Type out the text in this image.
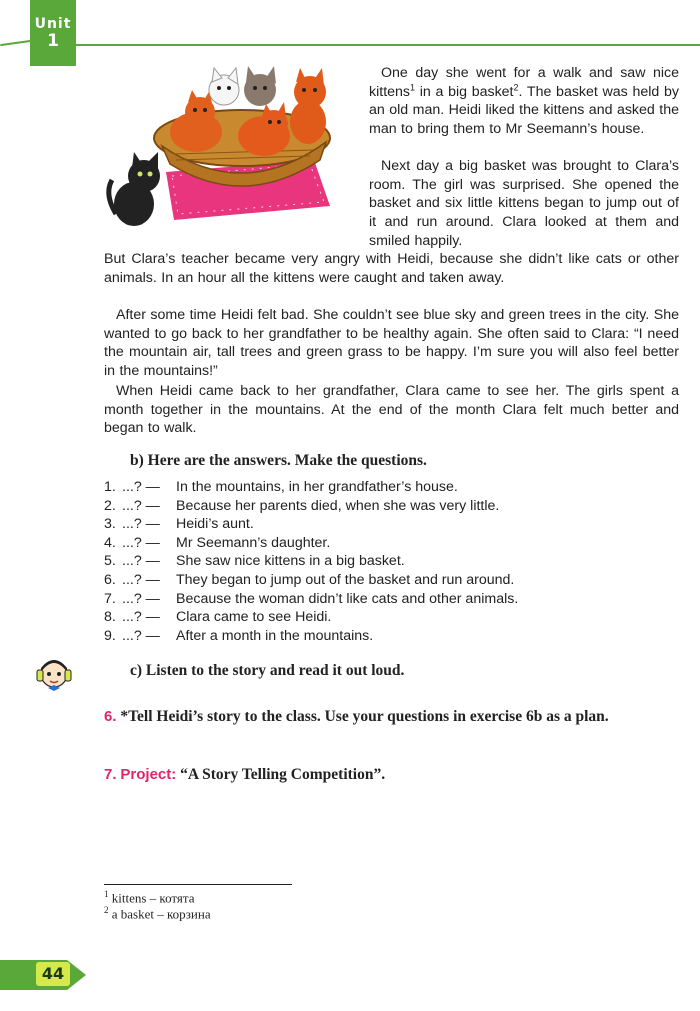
Unit
1

One day she went for a walk and saw nice kittens$^1$ in a big basket$^2$. The basket was held by an old man. Heidi liked the kittens and asked the man to bring them to Mr Seemann’s house.

Next day a big basket was brought to Clara’s room. The girl was surprised. She opened the basket and six little kittens began to jump out of it and run around. Clara looked at them and smiled happily.

But Clara’s teacher became very angry with Heidi, because she didn’t like cats or other animals. In an hour all the kittens were caught and taken away.

After some time Heidi felt bad. She couldn’t see blue sky and green trees in the city. She wanted to go back to her grandfather to be healthy again. She often said to Clara: “I need the mountain air, tall trees and green grass to be happy. I’m sure you will also feel better in the mountains!”

When Heidi came back to her grandfather, Clara came to see her. The girls spent a month together in the mountains. At the end of the month Clara felt much better and began to walk.

b) Here are the answers. Make the questions.
1. ...? —	In the mountains, in her grandfather’s house.
2. ...? —	Because her parents died, when she was very little.
3. ...? —	Heidi’s aunt.
4. ...? —	Mr Seemann’s daughter.
5. ...? —	She saw nice kittens in a big basket.
6. ...? —	They began to jump out of the basket and run around.
7. ...? —	Because the woman didn’t like cats and other animals.
8. ...? —	Clara came to see Heidi.
9. ...? —	After a month in the mountains.
c) Listen to the story and read it out loud.
6. *Tell Heidi’s story to the class. Use your questions in exercise 6b as a plan.
7. Project: “A Story Telling Competition”.
$^1$ kittens – котята
$^2$ a basket – корзина
44
